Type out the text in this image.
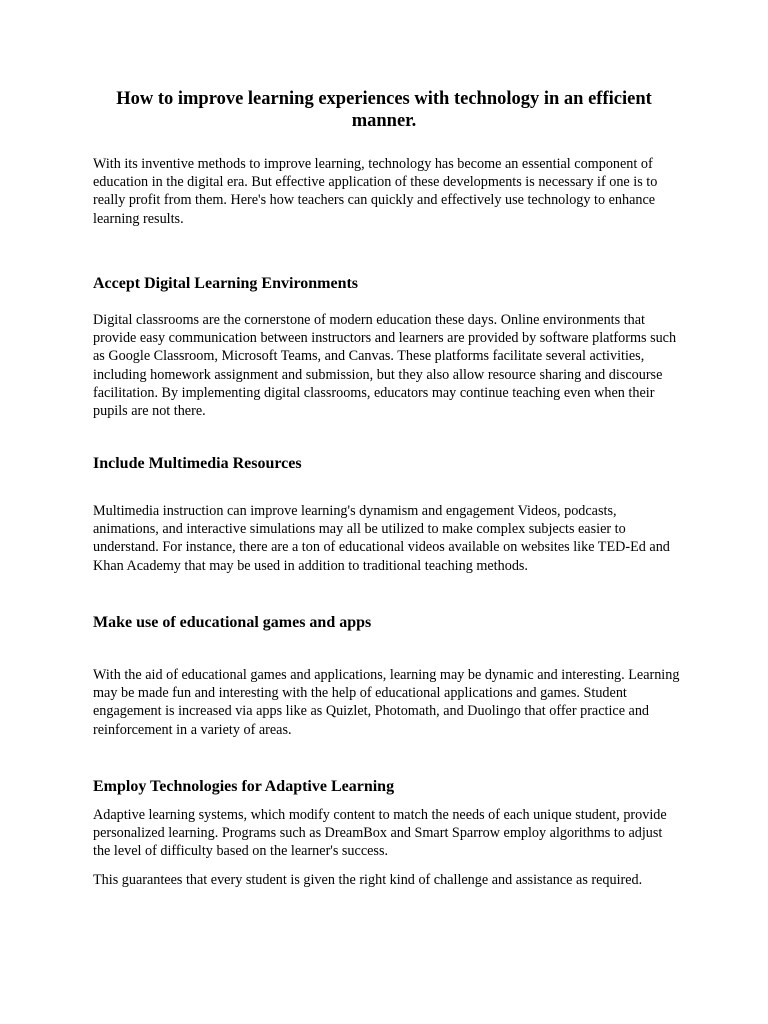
How to improve learning experiences with technology in an efficient manner.

With its inventive methods to improve learning, technology has become an essential component of education in the digital era. But effective application of these developments is necessary if one is to really profit from them. Here's how teachers can quickly and effectively use technology to enhance learning results.

Accept Digital Learning Environments

Digital classrooms are the cornerstone of modern education these days. Online environments that provide easy communication between instructors and learners are provided by software platforms such as Google Classroom, Microsoft Teams, and Canvas. These platforms facilitate several activities, including homework assignment and submission, but they also allow resource sharing and discourse facilitation. By implementing digital classrooms, educators may continue teaching even when their pupils are not there.

Include Multimedia Resources

Multimedia instruction can improve learning's dynamism and engagement Videos, podcasts, animations, and interactive simulations may all be utilized to make complex subjects easier to understand. For instance, there are a ton of educational videos available on websites like TED-Ed and Khan Academy that may be used in addition to traditional teaching methods.

Make use of educational games and apps

With the aid of educational games and applications, learning may be dynamic and interesting. Learning may be made fun and interesting with the help of educational applications and games. Student engagement is increased via apps like as Quizlet, Photomath, and Duolingo that offer practice and reinforcement in a variety of areas.

Employ Technologies for Adaptive Learning

Adaptive learning systems, which modify content to match the needs of each unique student, provide personalized learning. Programs such as DreamBox and Smart Sparrow employ algorithms to adjust the level of difficulty based on the learner's success.

This guarantees that every student is given the right kind of challenge and assistance as required.
